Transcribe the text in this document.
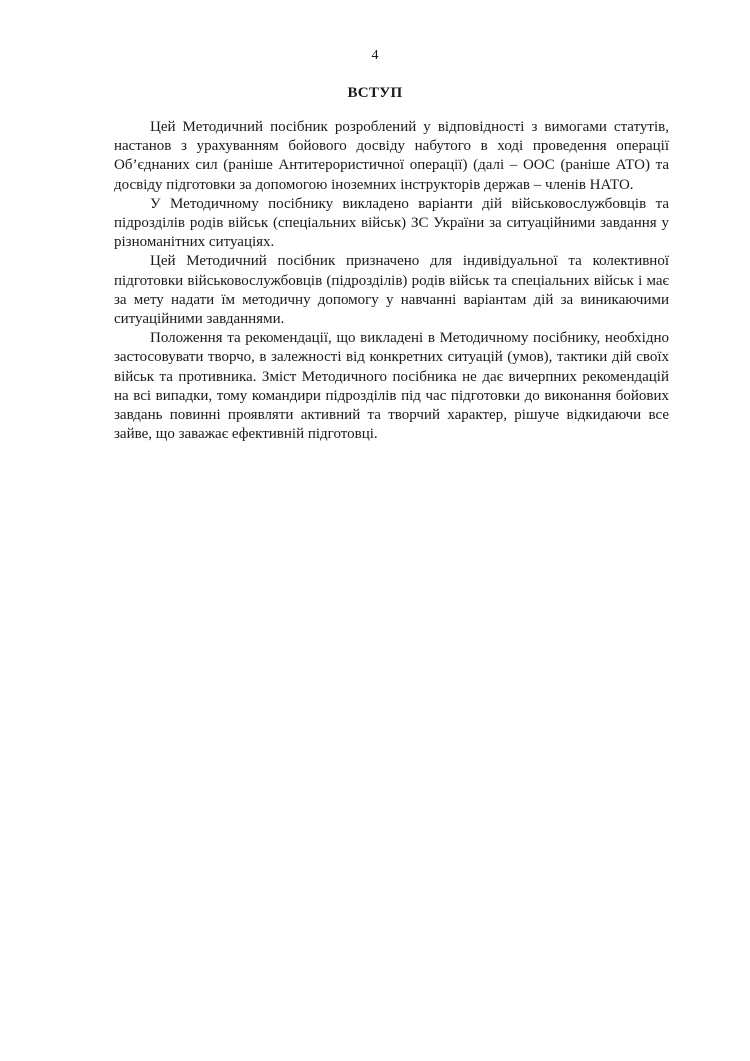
4
ВСТУП

Цей Методичний посібник розроблений у відповідності з вимогами статутів, настанов з урахуванням бойового досвіду набутого в ході проведення операції Об’єднаних сил (раніше Антитерористичної операції) (далі – ООС (раніше АТО) та досвіду підготовки за допомогою іноземних інструкторів держав – членів НАТО.

У Методичному посібнику викладено варіанти дій військовослужбовців та підрозділів родів військ (спеціальних військ) ЗС України за ситуаційними завдання у різноманітних ситуаціях.

Цей Методичний посібник призначено для індивідуальної та колективної підготовки військовослужбовців (підрозділів) родів військ та спеціальних військ і має за мету надати їм методичну допомогу у навчанні варіантам дій за виникаючими ситуаційними завданнями.

Положення та рекомендації, що викладені в Методичному посібнику, необхідно застосовувати творчо, в залежності від конкретних ситуацій (умов), тактики дій своїх військ та противника. Зміст Методичного посібника не дає вичерпних рекомендацій на всі випадки, тому командири підрозділів під час підготовки до виконання бойових завдань повинні проявляти активний та творчий характер, рішуче відкидаючи все зайве, що заважає ефективній підготовці.
